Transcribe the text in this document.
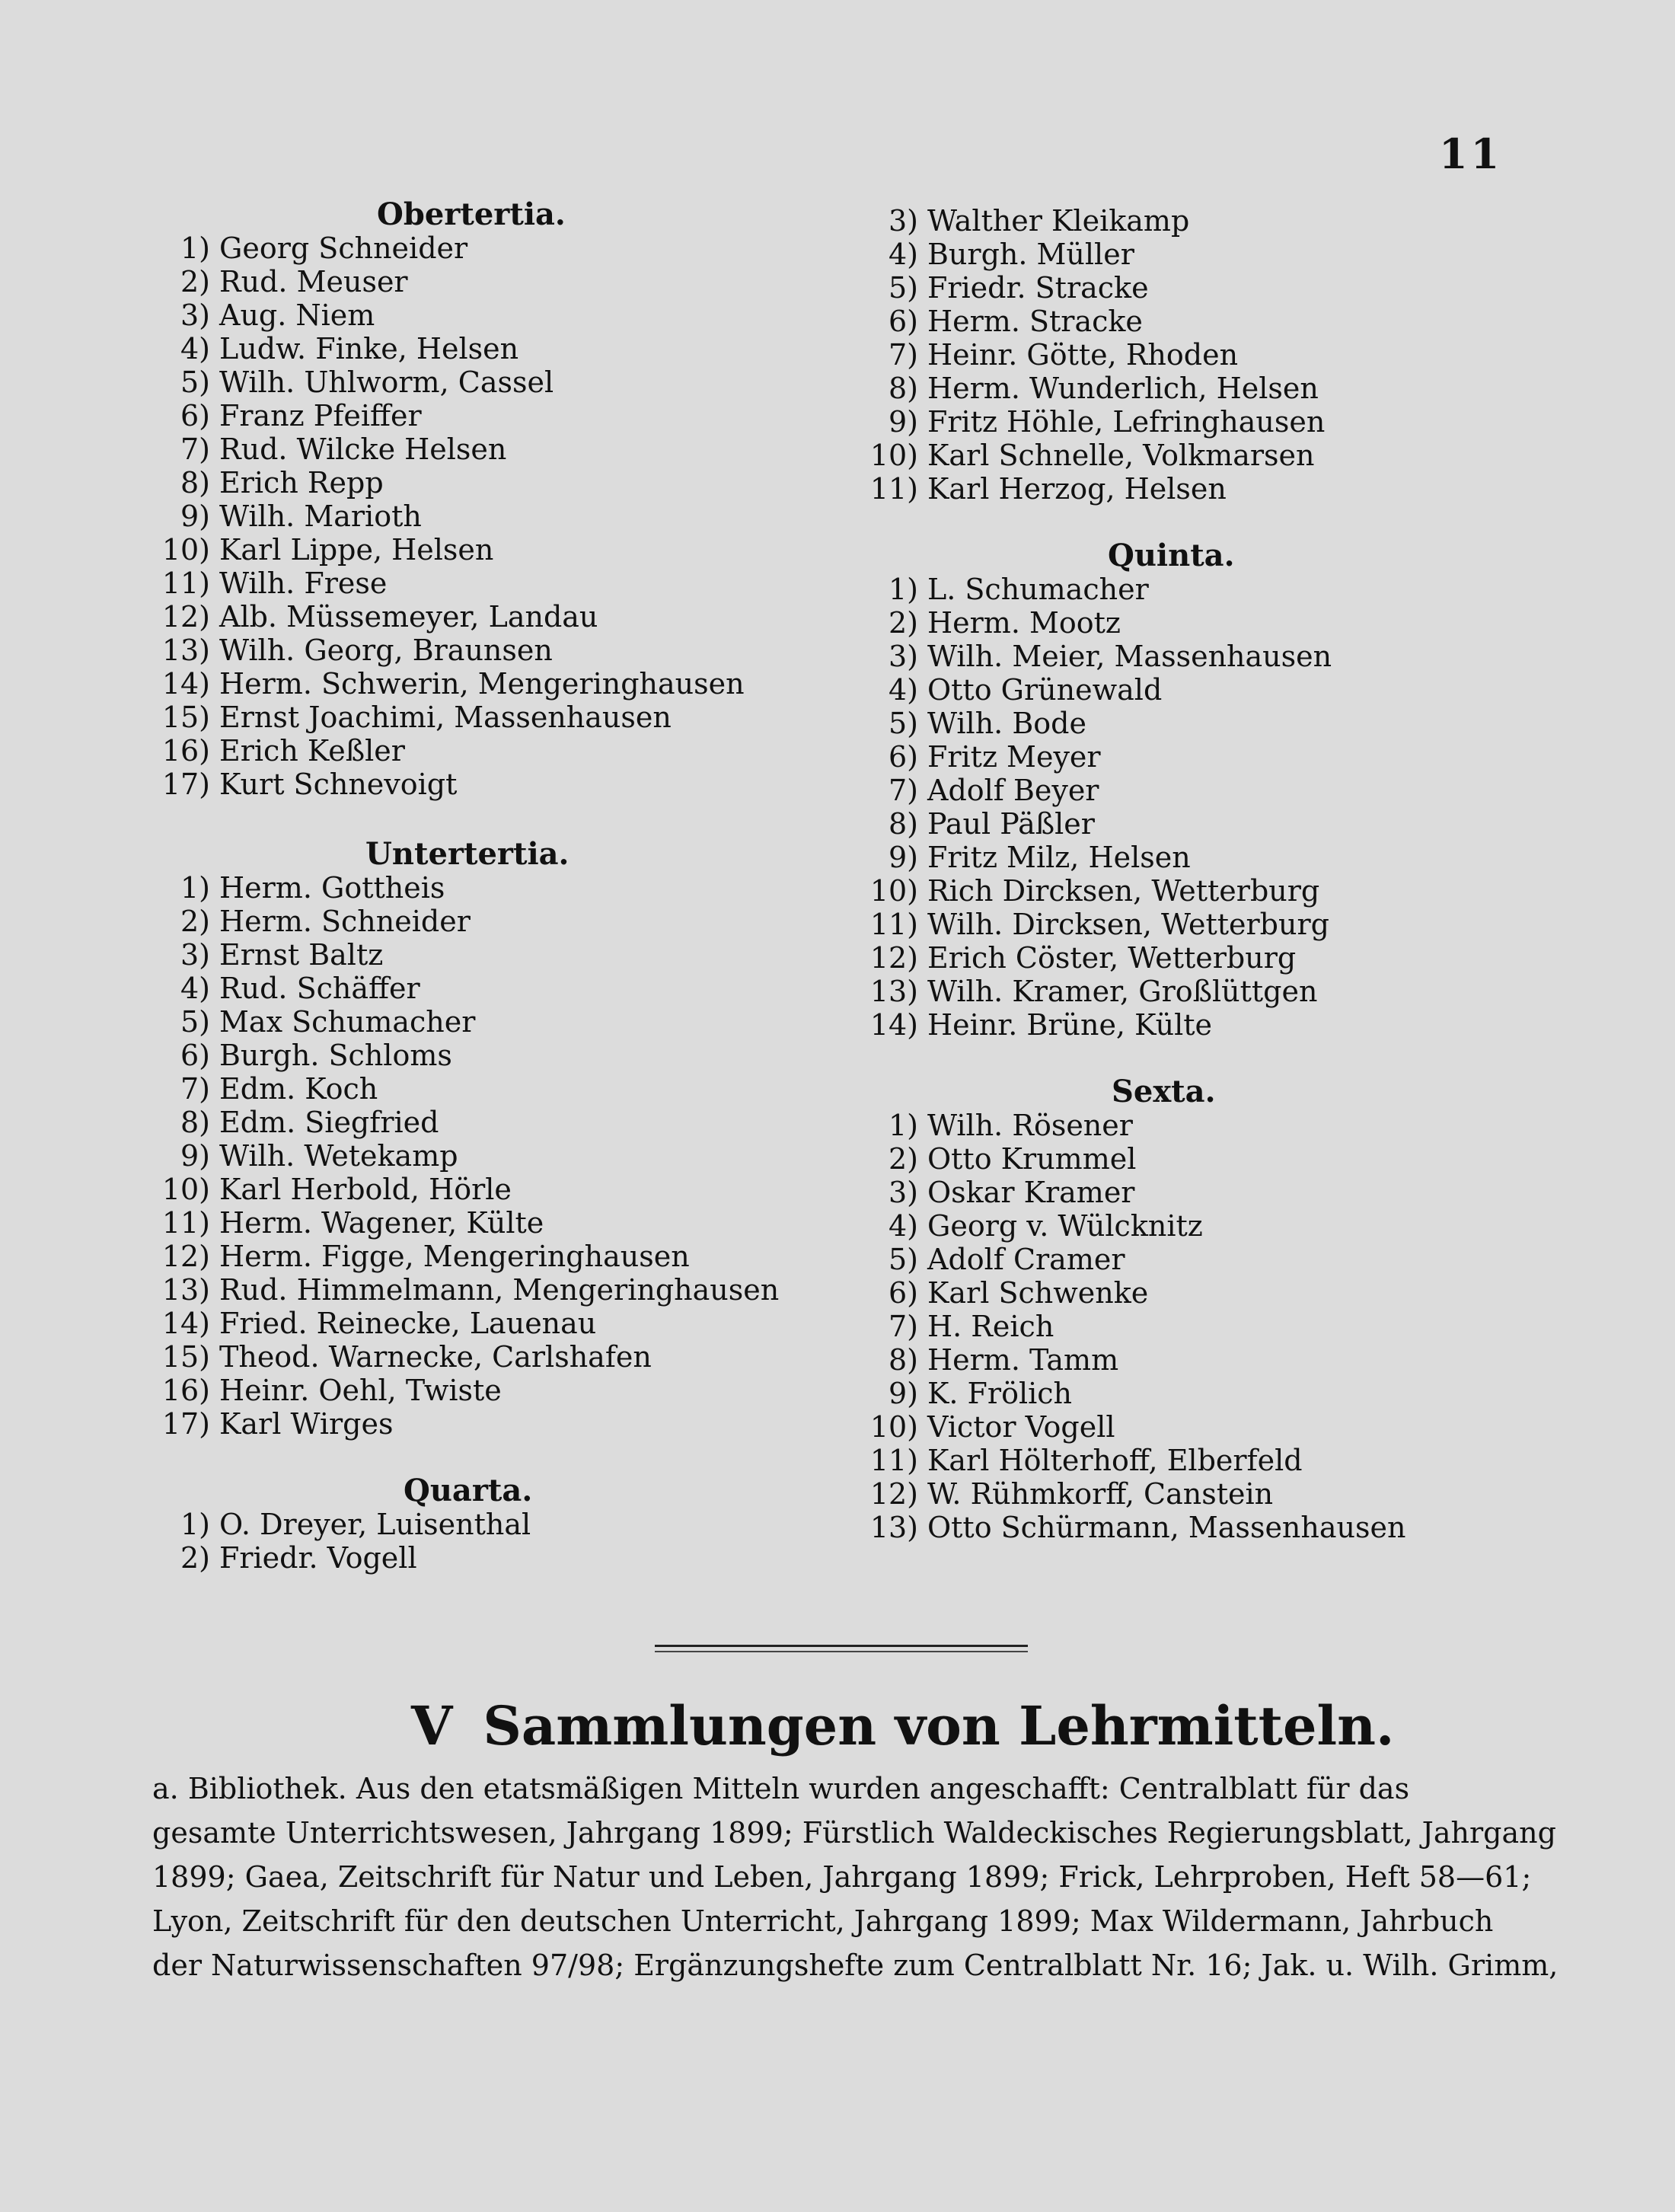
11
Obertertia.
1) Georg Schneider
2) Rud. Meuser
3) Aug. Niem
4) Ludw. Finke, Helsen
5) Wilh. Uhlworm, Cassel
6) Franz Pfeiffer
7) Rud. Wilcke Helsen
8) Erich Repp
9) Wilh. Marioth
10) Karl Lippe, Helsen
11) Wilh. Frese
12) Alb. Müssemeyer, Landau
13) Wilh. Georg, Braunsen
14) Herm. Schwerin, Mengeringhausen
15) Ernst Joachimi, Massenhausen
16) Erich Keßler
17) Kurt Schnevoigt
Untertertia.
1) Herm. Gottheis
2) Herm. Schneider
3) Ernst Baltz
4) Rud. Schäffer
5) Max Schumacher
6) Burgh. Schloms
7) Edm. Koch
8) Edm. Siegfried
9) Wilh. Wetekamp
10) Karl Herbold, Hörle
11) Herm. Wagener, Külte
12) Herm. Figge, Mengeringhausen
13) Rud. Himmelmann, Mengeringhausen
14) Fried. Reinecke, Lauenau
15) Theod. Warnecke, Carlshafen
16) Heinr. Oehl, Twiste
17) Karl Wirges
Quarta.
1) O. Dreyer, Luisenthal
2) Friedr. Vogell
3) Walther Kleikamp
4) Burgh. Müller
5) Friedr. Stracke
6) Herm. Stracke
7) Heinr. Götte, Rhoden
8) Herm. Wunderlich, Helsen
9) Fritz Höhle, Lefringhausen
10) Karl Schnelle, Volkmarsen
11) Karl Herzog, Helsen
Quinta.
1) L. Schumacher
2) Herm. Mootz
3) Wilh. Meier, Massenhausen
4) Otto Grünewald
5) Wilh. Bode
6) Fritz Meyer
7) Adolf Beyer
8) Paul Päßler
9) Fritz Milz, Helsen
10) Rich Dircksen, Wetterburg
11) Wilh. Dircksen, Wetterburg
12) Erich Cöster, Wetterburg
13) Wilh. Kramer, Großlüttgen
14) Heinr. Brüne, Külte
Sexta.
1) Wilh. Rösener
2) Otto Krummel
3) Oskar Kramer
4) Georg v. Wülcknitz
5) Adolf Cramer
6) Karl Schwenke
7) H. Reich
8) Herm. Tamm
9) K. Frölich
10) Victor Vogell
11) Karl Hölterhoff, Elberfeld
12) W. Rühmkorff, Canstein
13) Otto Schürmann, Massenhausen
V Sammlungen von Lehrmitteln.
a. Bibliothek. Aus den etatsmäßigen Mitteln wurden angeschafft: Centralblatt für das
gesamte Unterrichtswesen, Jahrgang 1899; Fürstlich Waldeckisches Regierungsblatt, Jahrgang
1899; Gaea, Zeitschrift für Natur und Leben, Jahrgang 1899; Frick, Lehrproben, Heft 58—61;
Lyon, Zeitschrift für den deutschen Unterricht, Jahrgang 1899; Max Wildermann, Jahrbuch
der Naturwissenschaften 97/98; Ergänzungshefte zum Centralblatt Nr. 16; Jak. u. Wilh. Grimm,
